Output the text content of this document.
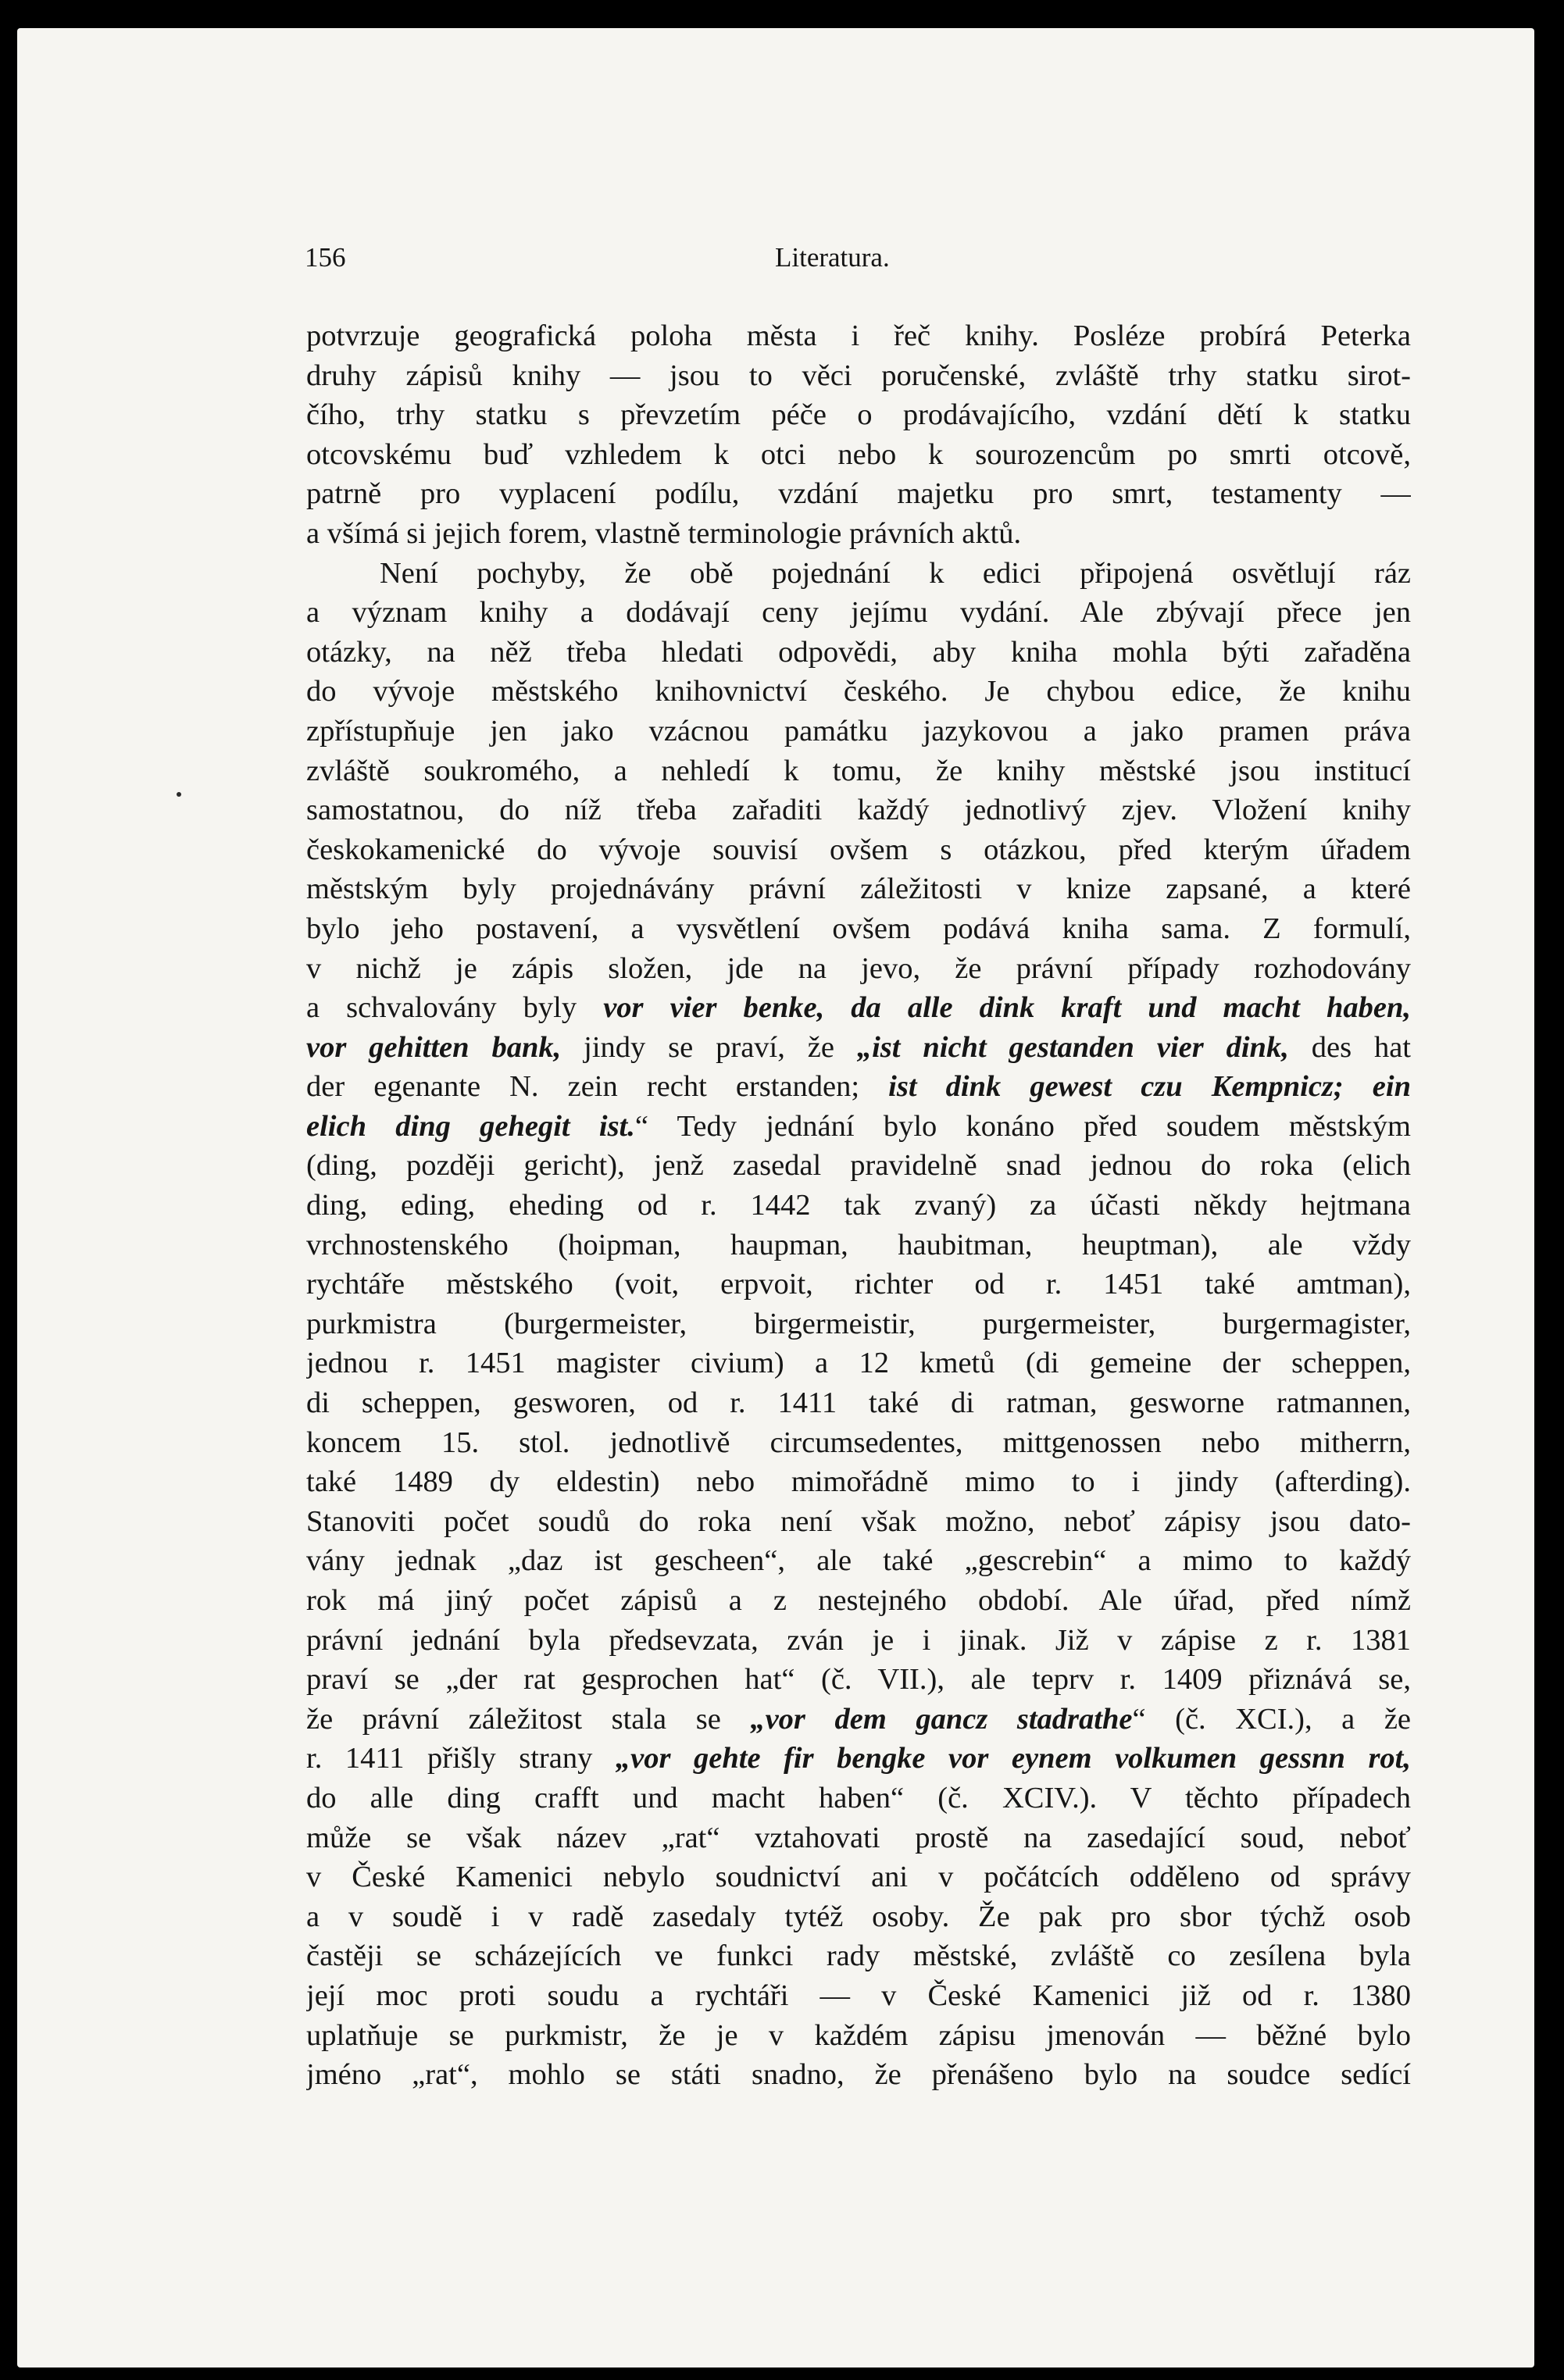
156	Literatura.
potvrzuje geografická poloha města i řeč knihy. Posléze probírá Peterka
druhy zápisů knihy — jsou to věci poručenské, zvláště trhy statku sirot-
čího, trhy statku s převzetím péče o prodávajícího, vzdání dětí k statku
otcovskému buď vzhledem k otci nebo k sourozencům po smrti otcově,
patrně pro vyplacení podílu, vzdání majetku pro smrt, testamenty —
a všímá si jejich forem, vlastně terminologie právních aktů.
Není pochyby, že obě pojednání k edici připojená osvětlují ráz
a význam knihy a dodávají ceny jejímu vydání. Ale zbývají přece jen
otázky, na něž třeba hledati odpovědi, aby kniha mohla býti zařaděna
do vývoje městského knihovnictví českého. Je chybou edice, že knihu
zpřístupňuje jen jako vzácnou památku jazykovou a jako pramen práva
zvláště soukromého, a nehledí k tomu, že knihy městské jsou institucí
samostatnou, do níž třeba zařaditi každý jednotlivý zjev. Vložení knihy
českokamenické do vývoje souvisí ovšem s otázkou, před kterým úřadem
městským byly projednávány právní záležitosti v knize zapsané, a které
bylo jeho postavení, a vysvětlení ovšem podává kniha sama. Z formulí,
v nichž je zápis složen, jde na jevo, že právní případy rozhodovány
a schvalovány byly vor vier benke, da alle dink kraft und macht haben,
vor gehitten bank, jindy se praví, že „ist nicht gestanden vier dink, des hat
der egenante N. zein recht erstanden; ist dink gewest czu Kempnicz; ein
elich ding gehegit ist.“ Tedy jednání bylo konáno před soudem městským
(ding, později gericht), jenž zasedal pravidelně snad jednou do roka (elich
ding, eding, eheding od r. 1442 tak zvaný) za účasti někdy hejtmana
vrchnostenského (hoipman, haupman, haubitman, heuptman), ale vždy
rychtáře městského (voit, erpvoit, richter od r. 1451 také amtman),
purkmistra (burgermeister, birgermeistir, purgermeister, burgermagister,
jednou r. 1451 magister civium) a 12 kmetů (di gemeine der scheppen,
di scheppen, gesworen, od r. 1411 také di ratman, gesworne ratmannen,
koncem 15. stol. jednotlivě circumsedentes, mittgenossen nebo mitherrn,
také 1489 dy eldestin) nebo mimořádně mimo to i jindy (afterding).
Stanoviti počet soudů do roka není však možno, neboť zápisy jsou dato-
vány jednak „daz ist gescheen“, ale také „gescrebin“ a mimo to každý
rok má jiný počet zápisů a z nestejného období. Ale úřad, před nímž
právní jednání byla předsevzata, zván je i jinak. Již v zápise z r. 1381
praví se „der rat gesprochen hat“ (č. VII.), ale teprv r. 1409 přiznává se,
že právní záležitost stala se „vor dem gancz stadrathe“ (č. XCI.), a že
r. 1411 přišly strany „vor gehte fir bengke vor eynem volkumen gessnn rot,
do alle ding crafft und macht haben“ (č. XCIV.). V těchto případech
může se však název „rat“ vztahovati prostě na zasedající soud, neboť
v České Kamenici nebylo soudnictví ani v počátcích odděleno od správy
a v soudě i v radě zasedaly tytéž osoby. Že pak pro sbor týchž osob
častěji se scházejících ve funkci rady městské, zvláště co zesílena byla
její moc proti soudu a rychtáři — v České Kamenici již od r. 1380
uplatňuje se purkmistr, že je v každém zápisu jmenován — běžné bylo
jméno „rat“, mohlo se státi snadno, že přenášeno bylo na soudce sedící
